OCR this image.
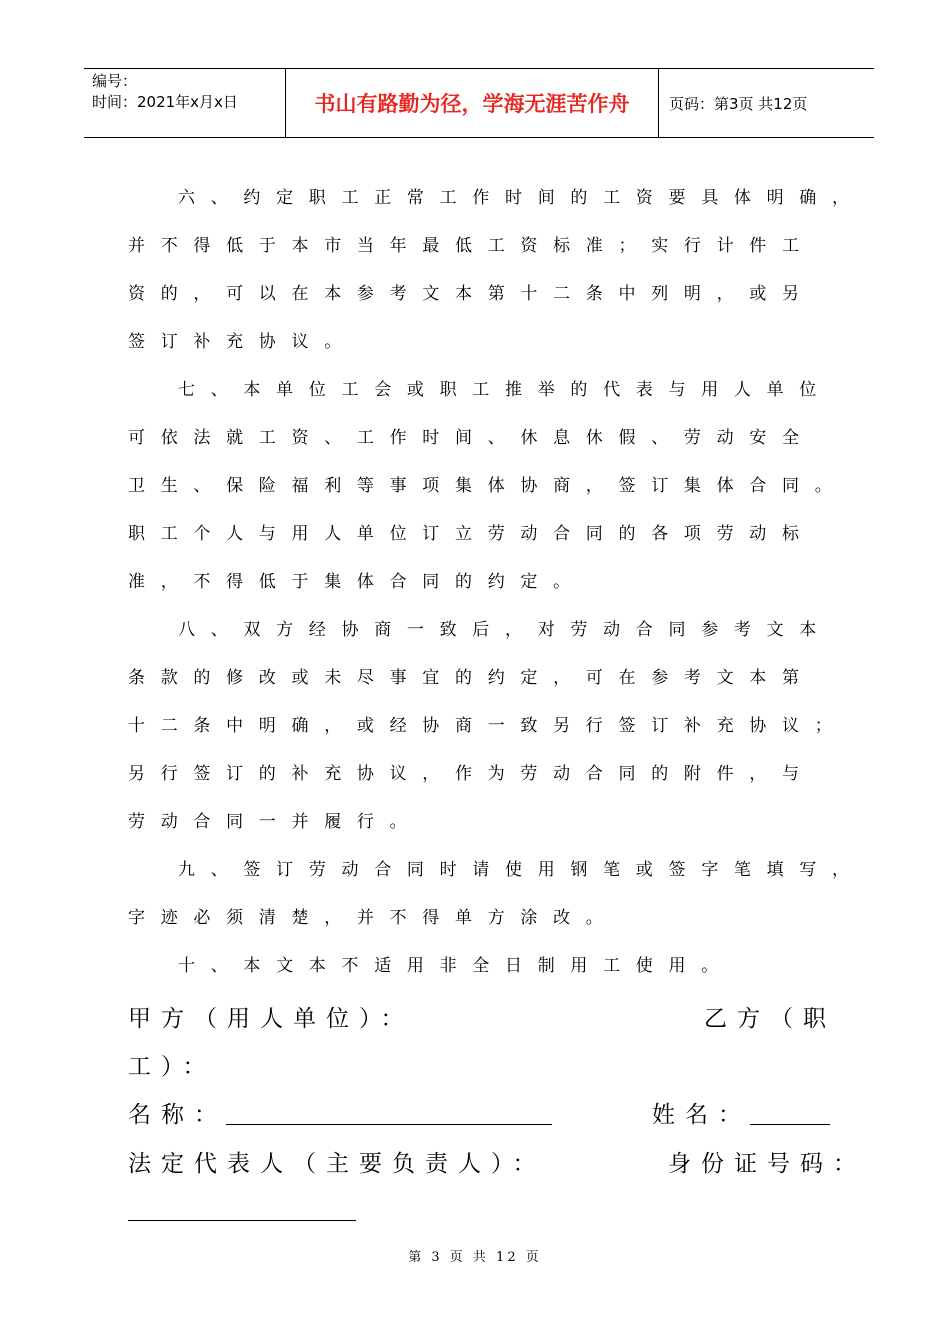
编号：
时间：2021年x月x日	书山有路勤为径，学海无涯苦作舟	页码：第3页 共12页
六、约定职工正常工作时间的工资要具体明确，
并不得低于本市当年最低工资标准；实行计件工
资的，可以在本参考文本第十二条中列明，或另
签订补充协议。
七、本单位工会或职工推举的代表与用人单位
可依法就工资、工作时间、休息休假、劳动安全
卫生、保险福利等事项集体协商，签订集体合同。
职工个人与用人单位订立劳动合同的各项劳动标
准，不得低于集体合同的约定。
八、双方经协商一致后，对劳动合同参考文本
条款的修改或未尽事宜的约定，可在参考文本第
十二条中明确，或经协商一致另行签订补充协议；
另行签订的补充协议，作为劳动合同的附件，与
劳动合同一并履行。
九、签订劳动合同时请使用钢笔或签字笔填写，
字迹必须清楚，并不得单方涂改。
十、本文本不适用非全日制用工使用。
甲方（用人单位）：	乙方（职
工）：
名称：	姓名：
法定代表人（主要负责人）：	身份证号码：
第 3 页 共 12 页
